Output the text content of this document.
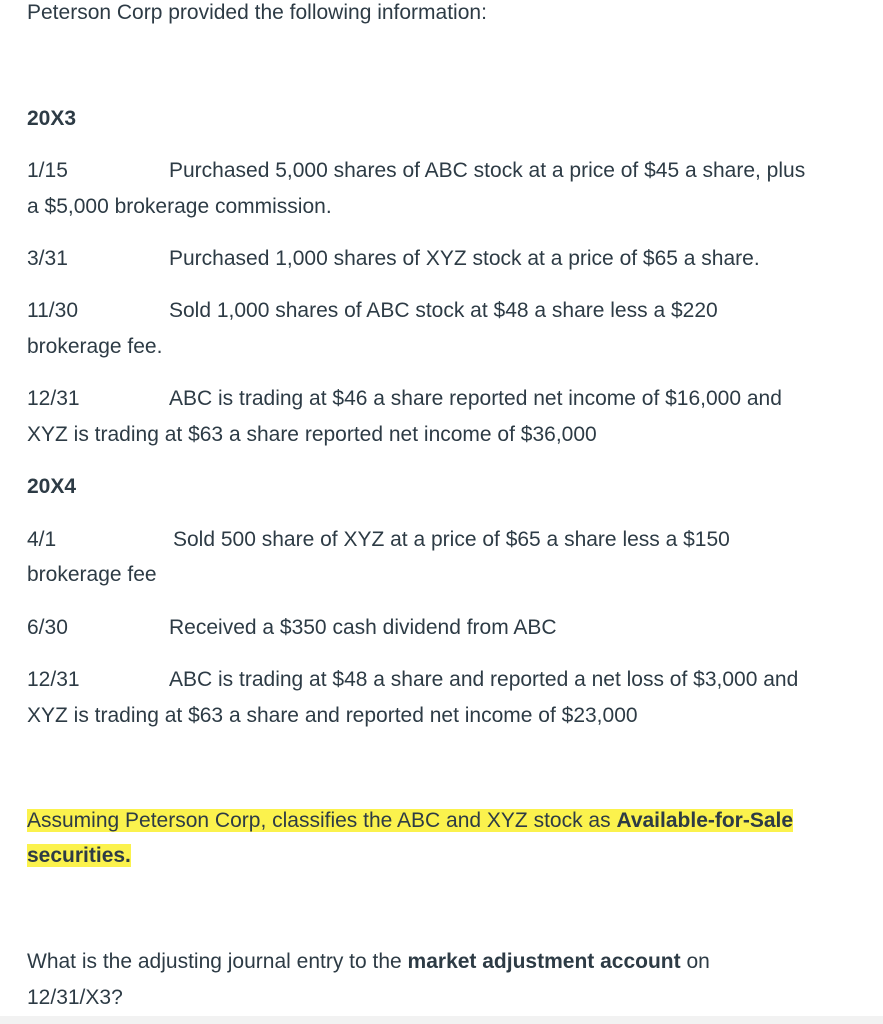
Peterson Corp provided the following information:
20X3
1/15	Purchased 5,000 shares of ABC stock at a price of $45 a share, plus
a $5,000 brokerage commission.
3/31	Purchased 1,000 shares of XYZ stock at a price of $65 a share.
11/30	Sold 1,000 shares of ABC stock at $48 a share less a $220
brokerage fee.
12/31	ABC is trading at $46 a share reported net income of $16,000 and
XYZ is trading at $63 a share reported net income of $36,000
20X4
4/1	Sold 500 share of XYZ at a price of $65 a share less a $150
brokerage fee
6/30	Received a $350 cash dividend from ABC
12/31	ABC is trading at $48 a share and reported a net loss of $3,000 and
XYZ is trading at $63 a share and reported net income of $23,000
Assuming Peterson Corp, classifies the ABC and XYZ stock as Available-for-Sale
securities.
What is the adjusting journal entry to the market adjustment account on
12/31/X3?
